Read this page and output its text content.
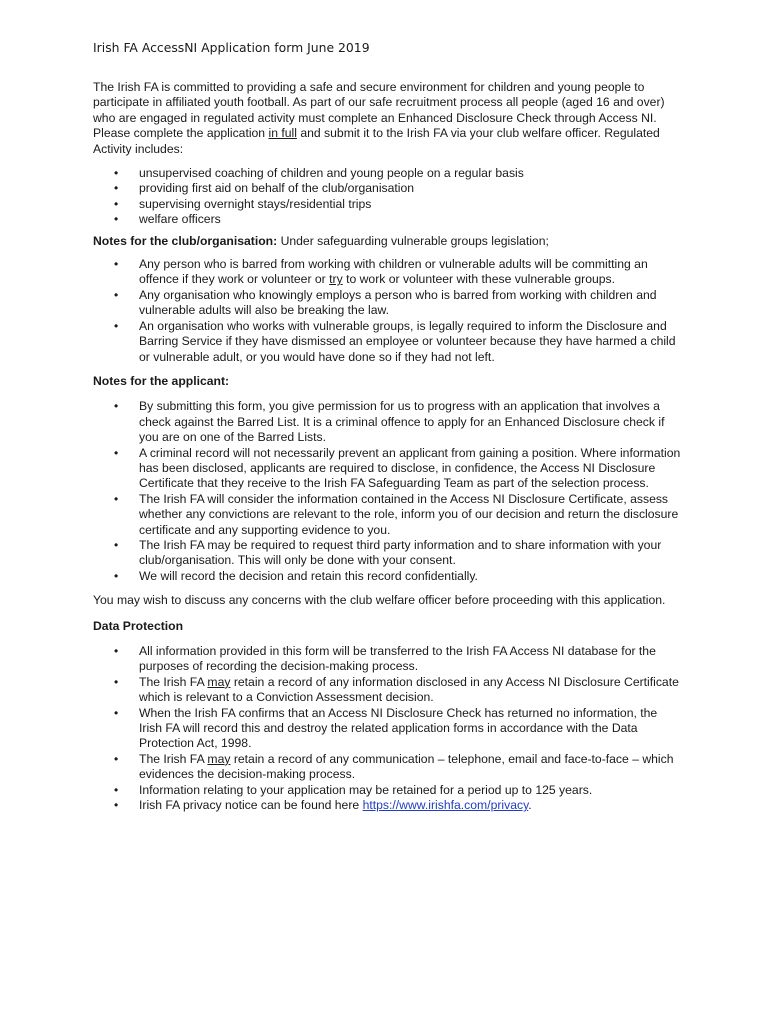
Irish FA AccessNI Application form June 2019

The Irish FA is committed to providing a safe and secure environment for children and young people to participate in affiliated youth football. As part of our safe recruitment process all people (aged 16 and over) who are engaged in regulated activity must complete an Enhanced Disclosure Check through Access NI. Please complete the application in full and submit it to the Irish FA via your club welfare officer. Regulated Activity includes:

• unsupervised coaching of children and young people on a regular basis
• providing first aid on behalf of the club/organisation
• supervising overnight stays/residential trips
• welfare officers

Notes for the club/organisation: Under safeguarding vulnerable groups legislation;

• Any person who is barred from working with children or vulnerable adults will be committing an offence if they work or volunteer or try to work or volunteer with these vulnerable groups.
• Any organisation who knowingly employs a person who is barred from working with children and vulnerable adults will also be breaking the law.
• An organisation who works with vulnerable groups, is legally required to inform the Disclosure and Barring Service if they have dismissed an employee or volunteer because they have harmed a child or vulnerable adult, or you would have done so if they had not left.

Notes for the applicant:

• By submitting this form, you give permission for us to progress with an application that involves a check against the Barred List. It is a criminal offence to apply for an Enhanced Disclosure check if you are on one of the Barred Lists.
• A criminal record will not necessarily prevent an applicant from gaining a position. Where information has been disclosed, applicants are required to disclose, in confidence, the Access NI Disclosure Certificate that they receive to the Irish FA Safeguarding Team as part of the selection process.
• The Irish FA will consider the information contained in the Access NI Disclosure Certificate, assess whether any convictions are relevant to the role, inform you of our decision and return the disclosure certificate and any supporting evidence to you.
• The Irish FA may be required to request third party information and to share information with your club/organisation. This will only be done with your consent.
• We will record the decision and retain this record confidentially.

You may wish to discuss any concerns with the club welfare officer before proceeding with this application.

Data Protection

• All information provided in this form will be transferred to the Irish FA Access NI database for the purposes of recording the decision-making process.
• The Irish FA may retain a record of any information disclosed in any Access NI Disclosure Certificate which is relevant to a Conviction Assessment decision.
• When the Irish FA confirms that an Access NI Disclosure Check has returned no information, the Irish FA will record this and destroy the related application forms in accordance with the Data Protection Act, 1998.
• The Irish FA may retain a record of any communication – telephone, email and face-to-face – which evidences the decision-making process.
• Information relating to your application may be retained for a period up to 125 years.
• Irish FA privacy notice can be found here https://www.irishfa.com/privacy.
